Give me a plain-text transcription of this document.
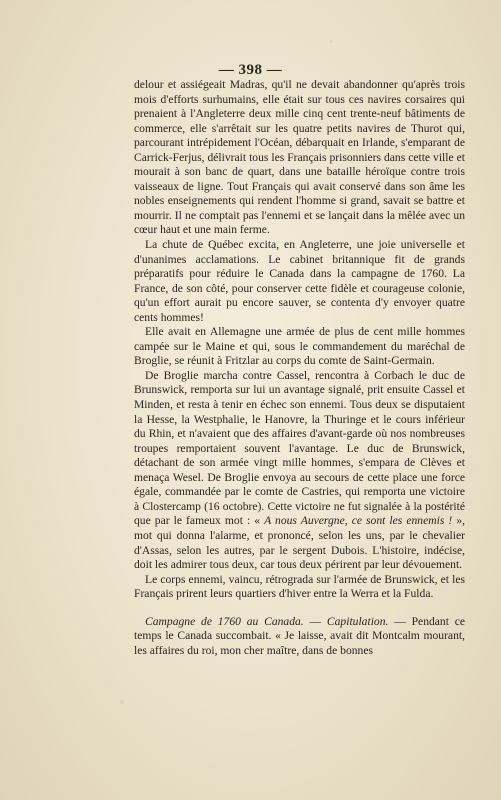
— 398 —

delour et assiégeait Madras, qu'il ne devait abandonner qu'après trois mois d'efforts surhumains, elle était sur tous ces navires corsaires qui prenaient à l'Angleterre deux mille cinq cent trente-neuf bâtiments de commerce, elle s'arrêtait sur les quatre petits navires de Thurot qui, parcourant intrépidement l'Océan, débarquait en Irlande, s'emparant de Carrick-Ferjus, délivrait tous les Français prisonniers dans cette ville et mourait à son banc de quart, dans une bataille héroïque contre trois vaisseaux de ligne. Tout Français qui avait conservé dans son âme les nobles enseignements qui rendent l'homme si grand, savait se battre et mourrir. Il ne comptait pas l'ennemi et se lançait dans la mêlée avec un cœur haut et une main ferme.

La chute de Québec excita, en Angleterre, une joie universelle et d'unanimes acclamations. Le cabinet britannique fit de grands préparatifs pour réduire le Canada dans la campagne de 1760. La France, de son côté, pour conserver cette fidèle et courageuse colonie, qu'un effort aurait pu encore sauver, se contenta d'y envoyer quatre cents hommes!

Elle avait en Allemagne une armée de plus de cent mille hommes campée sur le Maine et qui, sous le commandement du maréchal de Broglie, se réunit à Fritzlar au corps du comte de Saint-Germain.

De Broglie marcha contre Cassel, rencontra à Corbach le duc de Brunswick, remporta sur lui un avantage signalé, prit ensuite Cassel et Minden, et resta à tenir en échec son ennemi. Tous deux se disputaient la Hesse, la Westphalie, le Hanovre, la Thuringe et le cours inférieur du Rhin, et n'avaient que des affaires d'avant-garde où nos nombreuses troupes remportaient souvent l'avantage. Le duc de Brunswick, détachant de son armée vingt mille hommes, s'empara de Clèves et menaça Wesel. De Broglie envoya au secours de cette place une force égale, commandée par le comte de Castries, qui remporta une victoire à Clostercamp (16 octobre). Cette victoire ne fut signalée à la postérité que par le fameux mot : « A nous Auvergne, ce sont les ennemis ! », mot qui donna l'alarme, et prononcé, selon les uns, par le chevalier d'Assas, selon les autres, par le sergent Dubois. L'histoire, indécise, doit les admirer tous deux, car tous deux périrent par leur dévouement.

Le corps ennemi, vaincu, rétrograda sur l'armée de Brunswick, et les Français prirent leurs quartiers d'hiver entre la Werra et la Fulda.

Campagne de 1760 au Canada. — Capitulation. — Pendant ce temps le Canada succombait. « Je laisse, avait dit Montcalm mourant, les affaires du roi, mon cher maître, dans de bonnes
